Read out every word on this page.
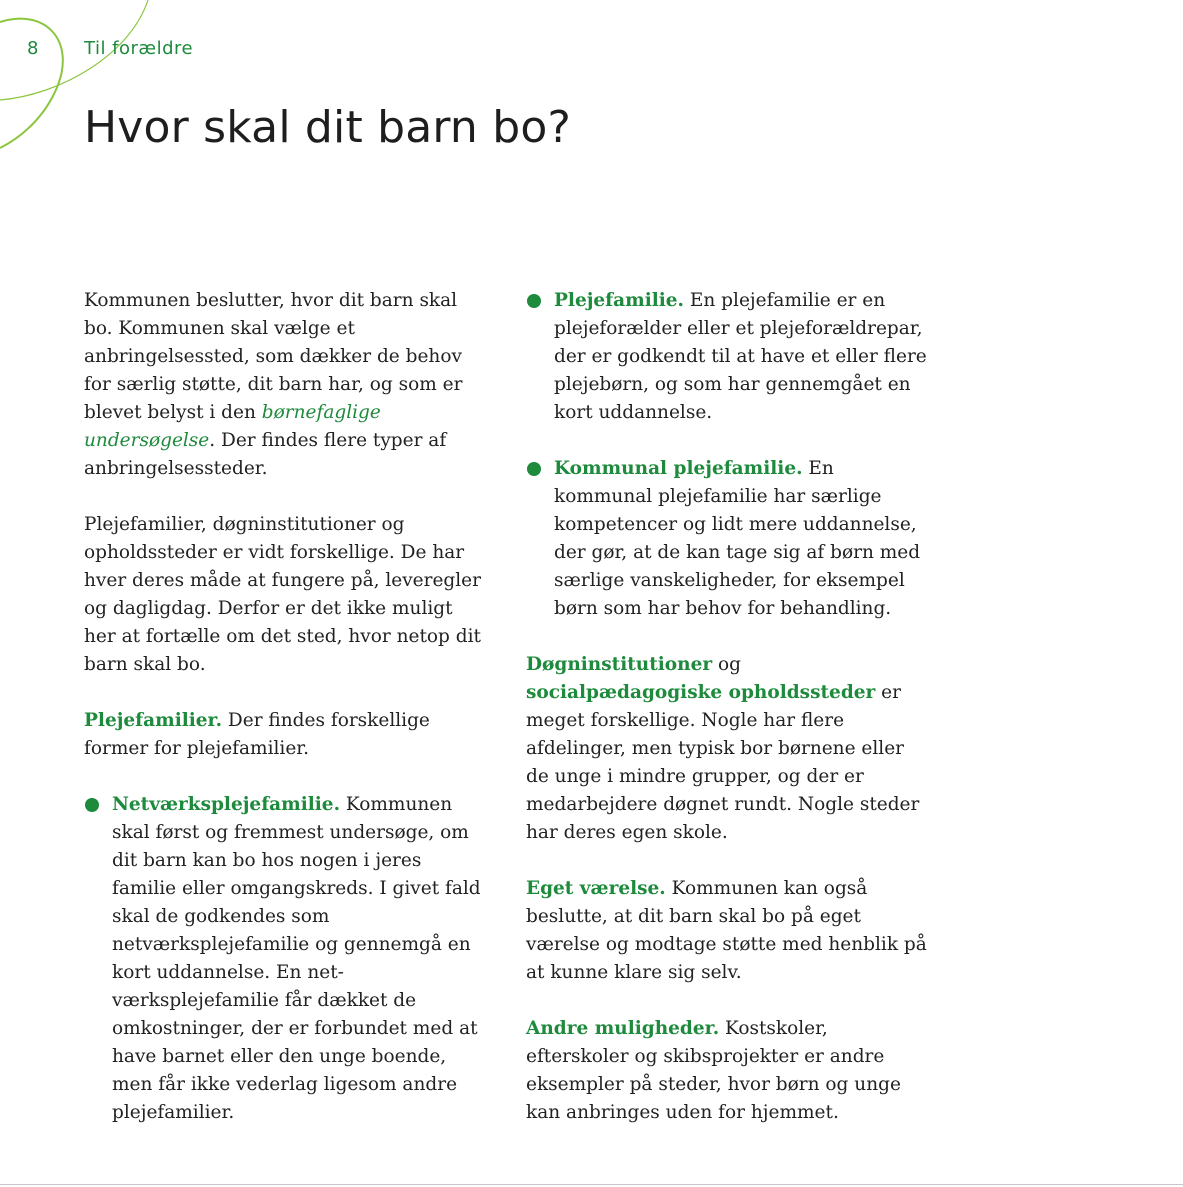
8	Til forældre
Hvor skal dit barn bo?

Kommunen beslutter, hvor dit barn skal bo. Kommunen skal vælge et anbringelsessted, som dækker de behov for særlig støtte, dit barn har, og som er blevet belyst i den børnefaglige undersøgelse. Der findes flere typer af anbringelsessteder.

Plejefamilier, døgninstitutioner og opholdssteder er vidt forskellige. De har hver deres måde at fungere på, leveregler og dagligdag. Derfor er det ikke muligt her at fortælle om det sted, hvor netop dit barn skal bo.

Plejefamilier. Der findes forskellige former for plejefamilier.

Netværksplejefamilie. Kommunen skal først og fremmest undersøge, om dit barn kan bo hos nogen i jeres familie eller omgangskreds. I givet fald skal de godkendes som netværksplejefamilie og gennemgå en kort uddannelse. En netværksplejefamilie får dækket de omkostninger, der er forbundet med at have barnet eller den unge boende, men får ikke vederlag ligesom andre plejefamilier.
Plejefamilie. En plejefamilie er en plejeforælder eller et plejeforældrepar, der er godkendt til at have et eller flere plejebørn, og som har gennemgået en kort uddannelse.
Kommunal plejefamilie. En kommunal plejefamilie har særlige kompetencer og lidt mere uddannelse, der gør, at de kan tage sig af børn med særlige vanskeligheder, for eksempel børn som har behov for behandling.

Døgninstitutioner og socialpædagogiske opholdssteder er meget forskellige. Nogle har flere afdelinger, men typisk bor børnene eller de unge i mindre grupper, og der er medarbejdere døgnet rundt. Nogle steder har deres egen skole.

Eget værelse. Kommunen kan også beslutte, at dit barn skal bo på eget værelse og modtage støtte med henblik på at kunne klare sig selv.

Andre muligheder. Kostskoler, efterskoler og skibsprojekter er andre eksempler på steder, hvor børn og unge kan anbringes uden for hjemmet.
